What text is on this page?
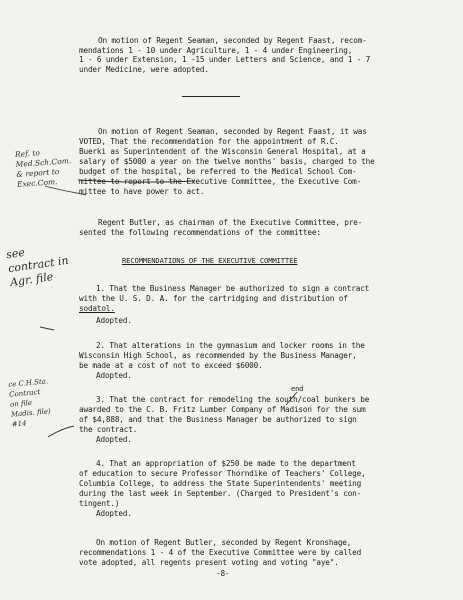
On motion of Regent Seaman, seconded by Regent Faast, recom-
mendations 1 - 10 under Agriculture, 1 - 4 under Engineering,
1 - 6 under Extension, 1 -15 under Letters and Science, and 1 - 7
under Medicine, were adopted.
On motion of Regent Seaman, seconded by Regent Faast, it was
VOTED, That the recommendation for the appointment of R.C.
Buerki as Superintendent of the Wisconsin General Hospital, at a
salary of $5000 a year on the twelve months' basis, charged to the
budget of the hospital, be referred to the Medical School Com-
mittee to report to the Executive Committee, the Executive Com-
mittee to have power to act.
Regent Butler, as chairman of the Executive Committee, pre-
sented the following recommendations of the committee:
RECOMMENDATIONS OF THE EXECUTIVE COMMITTEE
1. That the Business Manager be authorized to sign a contract
with the U. S. D. A. for the cartridging and distribution of
sodatol.
Adopted.
2. That alterations in the gymnasium and locker rooms in the
Wisconsin High School, as recommended by the Business Manager,
be made at a cost of not to exceed $6000.
Adopted.
end
3. That the contract for remodeling the south/coal bunkers be
awarded to the C. B. Fritz Lumber Company of Madison for the sum
of $4,888, and that the Business Manager be authorized to sign
the contract.
Adopted.
4. That an appropriation of $250 be made to the department
of education to secure Professor Thorndike of Teachers' College,
Columbia College, to address the State Superintendents' meeting
during the last week in September. (Charged to President's con-
tingent.)
Adopted.
On motion of Regent Butler, seconded by Regent Kronshage,
recommendations 1 - 4 of the Executive Committee were by called
vote adopted, all regents present voting and voting "aye".
-8-
Ref. to
Med.Sch.Com.
& report to
Exec.Com.
see
contract in
Agr. file
ce C.H.Sta.
Contract
on file
Madis. file)
#14
